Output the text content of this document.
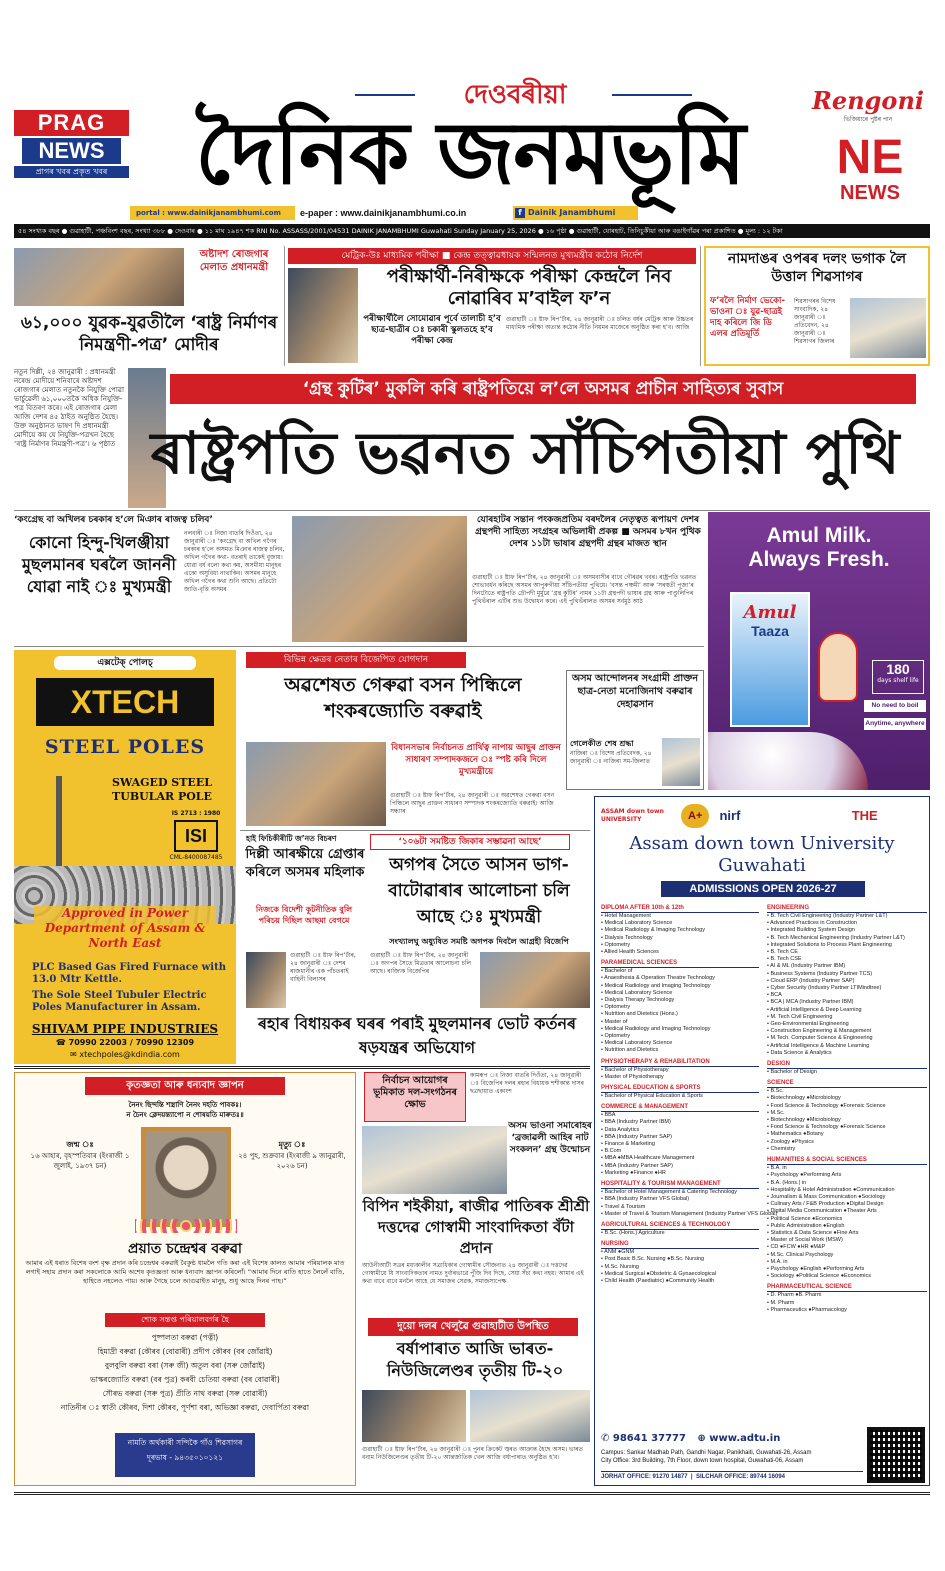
PRAG
NEWS
প্ৰাগৰ খবৰ প্ৰকৃত খবৰ
দেওবৰীয়া
দৈনিক জনমভূমি
Rengoni
ভিজিয়াৰে পুষ্টৰ পান
NE
NEWS
portal : www.dainikjanambhumi.com	e-paper : www.dainikjanambhumi.co.in	f Dainik Janambhumi
৫৪ সংখ্যক বছৰ ● গুৱাহাটী, পঞ্চবিংশ বছৰ, সংখ্যা ৩৮৮ ● দেওবাৰ ● ১১ মাঘ ১৯৪৭ শক RNI No. ASSASS/2001/04531 DAINIK JANAMBHUMI Guwahati Sunday January 25, 2026 ● ১৬ পৃষ্ঠা ● গুৱাহাটী, যোৰহাট, তিনিচুকীয়া আৰু বঙাইগাঁৱৰ পৰা প্ৰকাশিত ● মূল্য : ১২ টকা
অষ্টাদশ ৰোজগাৰ মেলাত প্ৰধানমন্ত্ৰী
৬১,০০০ যুৱক-যুৱতীলৈ ‘ৰাষ্ট্ৰ নিৰ্মাণৰ নিমন্ত্ৰণী-পত্ৰ’ মোদীৰ
নতুন দিল্লী, ২৪ জানুৱাৰী : প্ৰধানমন্ত্ৰী নৰেন্দ্ৰ মোদীয়ে শনিবাৰে অষ্টাদশ ৰোজগাৰ মেলাত নতুনকৈ নিযুক্তি পোৱা ভাৰ্চুৱেলী ৬১,০০০তকৈ অধিক নিযুক্তি-পত্ৰ বিতৰণ কৰে। এই ৰোজগাৰ মেলা আজি দেশৰ ৪৫ ঠাইত অনুষ্ঠিত হৈছে। উক্ত অনুষ্ঠানত ভাষণ দি প্ৰধানমন্ত্ৰী মোদীয়ে কয় যে নিযুক্তি-পত্ৰখন হৈছে ‘ৰাষ্ট্ৰ নিৰ্মাণৰ নিমন্ত্ৰণী-পত্ৰ’। ৬ পৃষ্ঠাত
মেট্ৰিক-উঃ মাধ্যমিক পৰীক্ষা ■ কেন্দ্ৰ তত্ত্বাৱধায়ক সন্মিলনত মুখ্যমন্ত্ৰীৰ কঠোৰ নিৰ্দেশ
পৰীক্ষাৰ্থী-নিৰীক্ষকে পৰীক্ষা কেন্দ্ৰলৈ নিব নোৱাৰিব ম’বাইল ফ’ন
পৰীক্ষাৰ্থীলৈ সোমোৱাৰ পূৰ্বে তালাচী হ’ব ছাত্ৰ-ছাত্ৰীৰ ঃ চকাৰী স্কুলতহে হ’ব পৰীক্ষা কেন্দ্ৰ
গুৱাহাটী ঃ ষ্টাফ ৰিপ’ৰ্টাৰ, ২৪ জানুৱাৰী ঃ চলিত বৰ্ষৰ মেট্ৰিক আৰু উচ্চতৰ মাধ্যমিক পৰীক্ষা অত্যন্ত কঠোৰ নীতি নিয়মৰ মাজেৰে অনুষ্ঠিত কৰা হ’ব। আজি
নামদাঙৰ ওপৰৰ দলং ভগাক লৈ উত্তাল শিৱসাগৰ
ফ’ৰলৈ নিৰ্মাণ ভেকো-ভাওনা ঃ যুৱ-ছাত্ৰই দাহ কৰিলে জি ডি এলৰ প্ৰতিমূৰ্তি
শিৱসাগৰৰ বিশেষ সাংবাদিক, ২৪ জানুৱাৰী ঃ প্ৰতিবেদন, ২৪ জানুৱাৰী ঃ শিৱসাগৰ জিলাৰ
‘গ্ৰন্থ কুটিৰ’ মুকলি কৰি ৰাষ্ট্ৰপতিয়ে ল’লে অসমৰ প্ৰাচীন সাহিত্যৰ সুবাস
ৰাষ্ট্ৰপতি ভৱনত সাঁচিপতীয়া পুথি
‘কংগ্ৰেছ বা অখিলৰ চৰকাৰ হ’লে মিঞাৰ ৰাজত্ব চলিব’
কোনো হিন্দু-খিলঞ্জীয়া মুছলমানৰ ঘৰলৈ জাননী যোৱা নাই ঃ মুখ্যমন্ত্ৰী
নলবাৰী ঃ নিজা বাতৰি দিওঁতা, ২৪ জানুৱাৰী ঃ ‘কংগ্ৰেছ বা অখিল গগৈৰ চৰকাৰ হ’লে অসমত মিঞাৰ ৰাজত্ব চলিব, অখিল গগৈৰ কথা- বতৰাই তাকেই বুজায়। যোৱা বৰ্ষ বলো কথা কয়, অসমীয়া মানুহৰ একো অসুবিধা নাথাকিব। অসমৰ মানুহে অখিল গগৈৰ কথা শুনি আছে। প্ৰতিটো জাতি-বৃত্তি অসমৰ
যোৰহাটৰ সন্তান পংকজপ্ৰতিম বৰদলৈৰ নেতৃত্বত ৰূপায়ণ দেশৰ গ্ৰন্থপদী সাহিত্য সংগ্ৰহৰ অভিলাষী প্ৰকল্প ■ অসমৰ ৮খন পুথিক দেশৰ ১১টা ভাষাৰ গ্ৰন্থপদী গ্ৰন্থৰ মাজত স্থান
গুৱাহাটী ঃ ষ্টাফ ৰিপ’ৰ্টাৰ, ২৪ জানুৱাৰী ঃ অসমবাসীৰ বাবে গৌৰৱৰ খবৰ। ৰাষ্ট্ৰপতি ভৱনত শোভাবৰ্ধন কৰিছে অসমৰ আপুৰুগীয়া সাঁচিপতীয়া পুথিয়ে। ‘বসন্ত পঞ্চমী’ আৰু ‘সৰস্বতী পূজা’ৰ দিনটোতে ৰাষ্ট্ৰপতি দ্ৰৌপদী মুৰ্মুৱে ‘গ্ৰন্থ কুটিৰ’ নামৰ ১১টা গ্ৰন্থপদী ভাষাৰ গ্ৰন্থ আৰু পাণ্ডুলিপিৰ পুথিভঁৰাল এটিৰ শুভ উদ্বোধন কৰে। এই পুথিভঁৰালত অসমৰ সৰ্বমুঠ আঠ
Amul Milk.
Always Fresh.
Amul
Taaza
180
days shelf life
No need to boil
Anytime, anywhere
এক্সটেক্ পোলচ্
XTECH
STEEL POLES
SWAGED STEEL
TUBULAR POLE
IS 2713 : 1980
ISI
CML-8400087485
Approved in Power Department of Assam & North East
PLC Based Gas Fired Furnace with 13.0 Mtr Kettle.
The Sole Steel Tubuler Electric Poles Manufacturer in Assam.
SHIVAM PIPE INDUSTRIES
☎ 70990 22003 / 70990 12309
✉ xtechpoles@kdindia.com
বিভিন্ন ক্ষেত্ৰৰ নেতাৰ বিজেপিত যোগদান
অৱশেষত গেৰুৱা বসন পিন্ধিলে শংকৰজ্যোতি বৰুৱাই
বিধানসভাৰ নিৰ্বাচনত প্ৰাৰ্থিত্ব নাপায় আছুৰ প্ৰাক্তন সাধাৰণ সম্পাদকজনে ঃ স্পষ্ট কৰি দিলে মুখ্যমন্ত্ৰীয়ে
গুৱাহাটী ঃ ষ্টাফ ৰিপ’ৰ্টাৰ, ২৪ জানুৱাৰী ঃ অৱশেষত গেৰুৱা বসন পিন্ধিলে আছুৰ প্ৰাক্তন সাধাৰণ সম্পাদক শংকৰজ্যোতি বৰুৱাই। আজি সন্ধ্যাৰ
অসম আন্দোলনৰ সংগ্ৰামী প্ৰাক্তন ছাত্ৰ-নেতা মনোজিনাথ বৰুৱাৰ দেহাৱসান
গেলেকীত শেষ শ্ৰদ্ধা
নাজিৰা ঃ বিশেষ প্ৰতিবেদক, ২৪ জানুৱাৰী ঃ নাজিৰা সম-জিলাত
ASSAM down town UNIVERSITY	A+ nirf	THE
Assam down town University
Guwahati
ADMISSIONS OPEN 2026-27
DIPLOMA AFTER 10th & 12th
• Hotel Management
• Medical Laboratory Science
• Medical Radiology & Imaging Technology
• Dialysis Technology
• Optometry
• Allied Health Sciences
PARAMEDICAL SCIENCES
• Bachelor of
• Anaesthesia & Operation Theatre Technology
• Medical Radiology and Imaging Technology
• Medical Laboratory Science
• Dialysis Therapy Technology
• Optometry
• Nutrition and Dietetics (Hons.)
• Master of
• Medical Radiology and Imaging Technology
• Optometry
• Medical Laboratory Science
• Nutrition and Dietetics
PHYSIOTHERAPY & REHABILITATION
• Bachelor of Physiotherapy
• Master of Physiotherapy
PHYSICAL EDUCATION & SPORTS
• Bachelor of Physical Education & Sports
COMMERCE & MANAGEMENT
• BBA
• BBA (Industry Partner IBM)
• Data Analytics
• BBA (Industry Partner SAP)
• Finance & Marketing
• B.Com
• MBA ●MBA Healthcare Management
• MBA (Industry Partner SAP)
• Marketing ●Finance ●HR
HOSPITALITY & TOURISM MANAGEMENT
• Bachelor of Hotel Management & Catering Technology
• BBA (Industry Partner VFS Global)
• Travel & Tourism
• Master of Travel & Tourism Management (Industry Partner VFS Global)
AGRICULTURAL SCIENCES & TECHNOLOGY
• B.Sc. (Hons.) Agriculture
NURSING
• ANM ●GNM
• Post Basic B.Sc. Nursing ●B.Sc. Nursing
• M.Sc. Nursing
• Medical Surgical ●Obstetric & Gynaecological
• Child Health (Paediatric) ●Community Health
ENGINEERING
• B. Tech Civil Engineering (Industry Partner L&T)
• Advanced Practices in Construction
• Integrated Building System Design
• B. Tech Mechanical Engineering (Industry Partner L&T)
• Integrated Solutions to Process Plant Engineering
• B. Tech CE
• B. Tech CSE
• AI & ML (Industry Partner IBM)
• Business Systems (Industry Partner TCS)
• Cloud ERP (Industry Partner SAP)
• Cyber Security (Industry Partner LTIMindtree)
• BCA
• BCA | MCA (Industry Partner IBM)
• Artificial Intelligence & Deep Learning
• M. Tech Civil Engineering
• Geo-Environmental Engineering
• Construction Engineering & Management
• M.Tech. Computer Science & Engineering
• Artificial Intelligence & Machine Learning
• Data Science & Analytics
DESIGN
• Bachelor of Design
SCIENCE
• B.Sc.
• Biotechnology ●Microbiology
• Food Science & Technology ●Forensic Science
• M.Sc.
• Biotechnology ●Microbiology
• Food Science & Technology ●Forensic Science
• Mathematics ●Botany
• Zoology ●Physics
• Chemistry
HUMANITIES & SOCIAL SCIENCES
• B.A. in
• Psychology ●Performing Arts
• B.A. (Hons.) in
• Hospitality & Hotel Administration ●Communication
• Journalism & Mass Communication ●Sociology
• Culinary Arts / F&B Production ●Digital Design
• Digital Media Communication ●Theater Arts
• Political Science ●Economics
• Public Administration ●English
• Statistics & Data Science ●Fine Arts
• Master of Social Work (MSW)
• CD ●FCW ●HR ●M&P
• M.Sc. Clinical Psychology
• M.A. in
• Psychology ●English ●Performing Arts
• Sociology ●Political Science ●Economics
PHARMACEUTICAL SCIENCE
• D. Pharm ●B. Pharm
• M. Pharm
• Pharmaceutics ●Pharmacology
✆ 98641 37777 ⊕ www.adtu.in
Campus: Sankar Madhab Path, Gandhi Nagar, Panikhaiti, Guwahati-26, Assam
City Office: 3rd Building, 7th Floor, down town hospital, Guwahati-06, Assam
JORHAT OFFICE: 91270 14877  |  SILCHAR OFFICE: 89744 16094
হাই ফিচিকীৰীটি জ’নত বিচৰণ
দিল্লী আৰক্ষীয়ে গ্ৰেপ্তাৰ কৰিলে অসমৰ মহিলাক
নিজকে বিদেশী কূটনীতিক বুলি পৰিচয় দিছিল আছমা বেগমে
গুৱাহাটী ঃ ষ্টাফ ৰিপ’ৰ্টাৰ, ২৪ জানুৱাৰী ঃ দেশৰ ৰাজধানীৰ এক পাঁচতৰাই বাহিনী বিলাসৰ
‘১০৬টা সমষ্টিত জিকাৰ সম্ভাৱনা আছে’
অগপৰ সৈতে আসন ভাগ-বাটোৱাৰাৰ আলোচনা চলি আছে ঃ মুখ্যমন্ত্ৰী
সংখ্যালঘু অধ্যুষিত সমষ্টি অগপক দিবলৈ আগ্ৰহী বিজেপি
গুৱাহাটী ঃ ষ্টাফ ৰিপ’ৰ্টাৰ, ২৪ জানুৱাৰী ঃ অগপৰ সৈতে মিত্ৰতাৰ আলোচনা চলি আছে। ৰাজ্যিক বিজেপিৰ
ৰহাৰ বিধায়কৰ ঘৰৰ পৰাই মুছলমানৰ ভোট কৰ্তনৰ ষড়যন্ত্ৰৰ অভিযোগ
কৃতজ্ঞতা আৰু ধন্যবাদ জ্ঞাপন
নৈনং ছিন্দন্তি শস্ত্ৰাণি নৈনং দহতি পাবকঃ।
ন চৈনং ক্লেদয়ন্ত্যাপো ন শোষয়তি মাৰুতঃ॥
জন্ম ঃ
১৬ আহাৰ, বৃহস্পতিবাৰ (ইংৰাজী ১ জুলাই, ১৯৩৭ চন)
মৃত্যু ঃ
২৪ পুহ, শুক্ৰবাৰ (ইংৰাজী ৯ জানুৱাৰী, ২০২৬ চন)
প্ৰয়াত চন্দ্ৰেশ্বৰ বৰুৱা
আমাৰ এই ধৰাত বিশেষ বংশ বৃক্ষ প্ৰদান কৰি চন্দ্ৰেশ্বৰ বৰুৱাই বৈকুণ্ঠ ধামলৈ গতি কৰা এই বিশেষ কালত আমাৰ পৰিয়ালক মাত লগাই সহায় প্ৰদান কৰা সকলোকে আমি অশেষ কৃতজ্ঞতা আৰু ধন্যবাদ জ্ঞাপন কৰিলোঁ। “আমাৰ দিনে ৰাতি হাতে লৈলেঁ বাতি, হাহিতে নহলেও পায়। আৰু গৈছে চলে আগুৱাইত মানুহ, শুধু আছে দিনৰ পাহ।”
শোক সন্তপ্ত পৰিয়ালবৰ্গৰ হৈ
পুষ্পলতা বৰুৱা (পত্নী)
হিমাদ্ৰী বৰুৱা (কৌৰব (বোৱাৰী) প্ৰদীপ কৌৰব (বৰ জোঁৱাই)
বুলবুলি বৰুৱা বৰা (সৰু জী) অতুল বৰা (সৰু জোঁৱাই)
ভাস্কৰজ্যোতি বৰুৱা (বৰ পুত্ৰ) কৰবী চেতিয়া বৰুৱা (বৰ বোৱাৰী)
সৌৰভ বৰুৱা (সৰু পুত্ৰ) প্ৰীতি নাথ বৰুৱা (সৰু বোৱাৰী)
নাতিনীৰ ঃ স্বাতী কৌৰব, দিশা কৌৰব, পূৰ্ণশা বৰা, অভিজ্ঞা বৰুৱা, দেবাৰ্পিতা বৰুৱা
নামতি অৰ্থকাৰী সন্দিকৈ গাঁও শিৱসাগৰ
দূৰভাষ - ৯৪৩৫০১০১২১
নিৰ্বাচন আয়োগৰ ভূমিকাত দল-সংগঠনৰ ক্ষোভ
কামৰূপ ঃ নিজা বাতৰি দিওঁতা, ২৪ জানুৱাৰী ঃ বিজেপিৰ দলৰ ৰহাৰ বিধায়ক শশীকান্ত দাসৰ ছত্ৰছায়াত একাংশ
অসম ভাওনা সমাৰোহৰ ‘ব্ৰজাৱলী আহিৰ নাট সংকলন’ গ্ৰন্থ উন্মোচন
বিপিন শইকীয়া, ৰাজীৱ পাতিৰক শ্ৰীশ্ৰী দত্তদেৱ গোস্বামী সাংবাদিকতা বঁটা প্ৰদান
আউনীআটী সত্ৰৰ মধ্যকালীন সত্ৰাধিকাৰ গোস্বামীৰ সৌজন্যত ২৪ জানুৱাৰী ঃ দত্তদেৱ গোস্বামীয়ে যি সাংবাদিকতাৰ নামত দুৰ্বাৰভাৱে পুঁজি দিব দিছে, সেয়া সঁচা কথা নহয়। আমাৰ এই কথা বাবে বাবে মনলৈ আহে যে সমাজৰ সেৱক, সমাজসাপেক্ষ
দুয়ো দলৰ খেলুৱৈ গুৱাহাটীত উপস্থিত
বৰ্ষাপাৰাত আজি ভাৰত-নিউজিলেণ্ডৰ তৃতীয় টি-২০
গুৱাহাটী ঃ ষ্টাফ ৰিপ’ৰ্টাৰ, ২৪ জানুৱাৰী ঃ পুনৰ ক্ৰিকেট জ্বৰত আক্ৰান্ত হৈছে অসম। ভাৰত বনাম নিউজিলেণ্ডৰ তৃতীয় টি-২০ আন্তৰ্জাতিক খেল আজি বৰ্ষাপাৰাত অনুষ্ঠিত হ’ব।
